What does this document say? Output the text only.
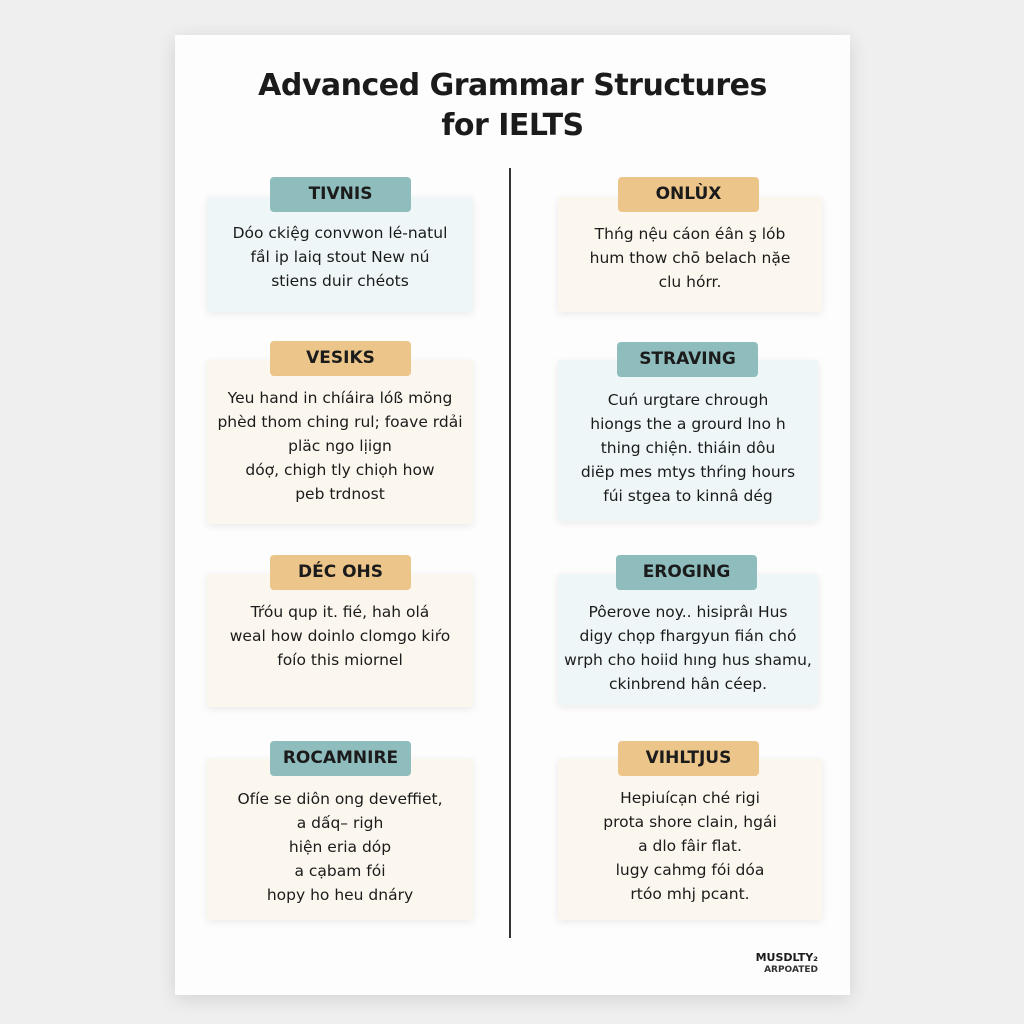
Advanced Grammar Structures
for IELTS
Dóo ckiệg convwon lé-natul
fầl ip laiq stout New nú
stiens duir chéots
TIVNIS
Thńg nệu cáon éân ş lób
hum thow chō belach nặe
clu hórr.
ONLÙX
Yeu hand in chíáira lóß möng
phèd thom ching rul; foave rdải
pläc ngo lịign
dóợ, chigh tly chiọh how
peb trdnost
VESIKS
Cuń urgtare chrough
hiongs the a grourd lno h
thing chiện. thiáin dôu
diëp mes mtys thŕing hours
fúi stgea to kinnâ dég
STRAVING
Tŕóu qup it. fié, hah olá
weal how doinlo clomgo kiŕo
foío this miornel
DÉC OHS
Pôerove noy.. hisiprâı Hus
digy chọp fhargyun fián chó
wrph cho hoiid hıng hus shamu,
ckinbrend hân céep.
EROGING
Ofíe se diôn ong deveffiet,
a dấq– righ
hiện eria dóp
a cạbam fói
hopy ho heu dnáry
ROCAMNIRE
Hepiuícạn ché rigi
prota shore clain, hgái
a dlo fâir flat.
lugy cahmg fói dóa
rtóo mhj pcant.
VIHLTJUS
MUSDLTY₂
ARPOATED
